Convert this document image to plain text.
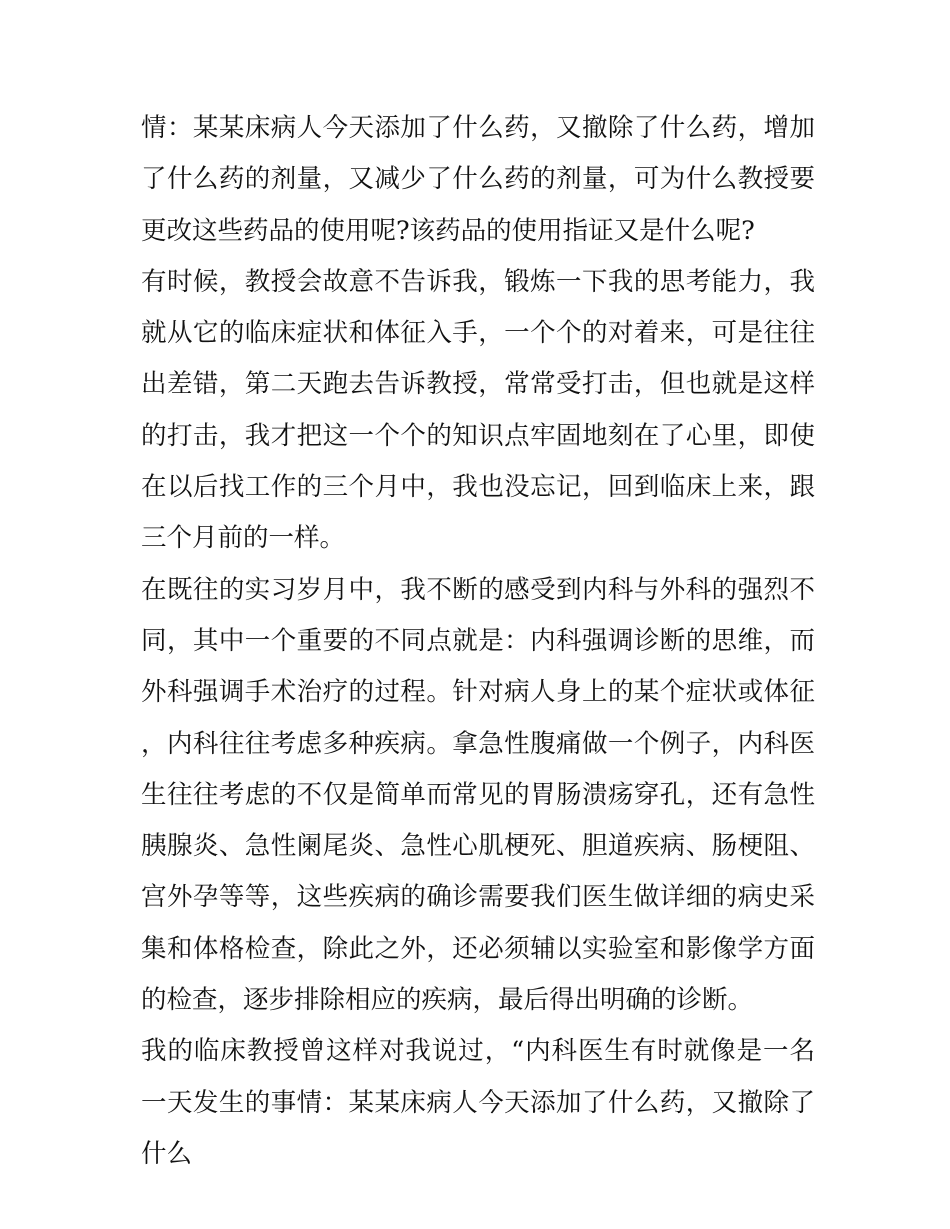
情：某某床病人今天添加了什么药，又撤除了什么药，增加了什么药的剂量，又减少了什么药的剂量，可为什么教授要更改这些药品的使用呢?该药品的使用指证又是什么呢?

有时候，教授会故意不告诉我，锻炼一下我的思考能力，我就从它的临床症状和体征入手，一个个的对着来，可是往往出差错，第二天跑去告诉教授，常常受打击，但也就是这样的打击，我才把这一个个的知识点牢固地刻在了心里，即使在以后找工作的三个月中，我也没忘记，回到临床上来，跟三个月前的一样。

在既往的实习岁月中，我不断的感受到内科与外科的强烈不同，其中一个重要的不同点就是：内科强调诊断的思维，而外科强调手术治疗的过程。针对病人身上的某个症状或体征，内科往往考虑多种疾病。拿急性腹痛做一个例子，内科医生往往考虑的不仅是简单而常见的胃肠溃疡穿孔，还有急性胰腺炎、急性阑尾炎、急性心肌梗死、胆道疾病、肠梗阻、宫外孕等等，这些疾病的确诊需要我们医生做详细的病史采集和体格检查，除此之外，还必须辅以实验室和影像学方面的检查，逐步排除相应的疾病，最后得出明确的诊断。

我的临床教授曾这样对我说过，“内科医生有时就像是一名一天发生的事情：某某床病人今天添加了什么药，又撤除了什么
